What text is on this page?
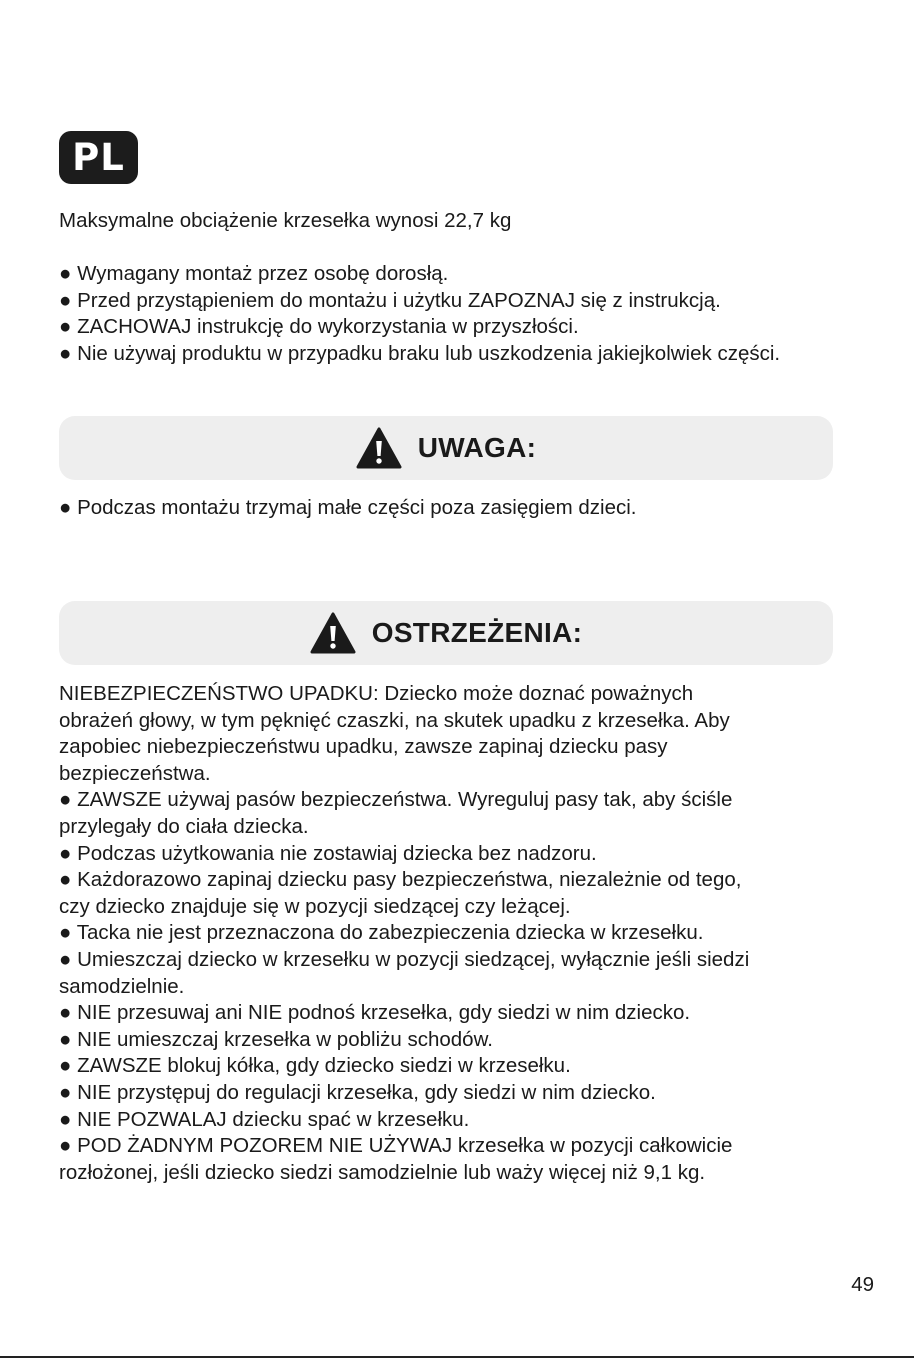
PL
Maksymalne obciążenie krzesełka wynosi 22,7 kg
● Wymagany montaż przez osobę dorosłą.
● Przed przystąpieniem do montażu i użytku ZAPOZNAJ się z instrukcją.
● ZACHOWAJ instrukcję do wykorzystania w przyszłości.
● Nie używaj produktu w przypadku braku lub uszkodzenia jakiejkolwiek części.
UWAGA:
● Podczas montażu trzymaj małe części poza zasięgiem dzieci.
OSTRZEŻENIA:

NIEBEZPIECZEŃSTWO UPADKU: Dziecko może doznać poważnych

obrażeń głowy, w tym pęknięć czaszki, na skutek upadku z krzesełka. Aby

zapobiec niebezpieczeństwu upadku, zawsze zapinaj dziecku pasy

bezpieczeństwa.

● ZAWSZE używaj pasów bezpieczeństwa. Wyreguluj pasy tak, aby ściśle

przylegały do ciała dziecka.

● Podczas użytkowania nie zostawiaj dziecka bez nadzoru.

● Każdorazowo zapinaj dziecku pasy bezpieczeństwa, niezależnie od tego,

czy dziecko znajduje się w pozycji siedzącej czy leżącej.

● Tacka nie jest przeznaczona do zabezpieczenia dziecka w krzesełku.

● Umieszczaj dziecko w krzesełku w pozycji siedzącej, wyłącznie jeśli siedzi

samodzielnie.

● NIE przesuwaj ani NIE podnoś krzesełka, gdy siedzi w nim dziecko.

● NIE umieszczaj krzesełka w pobliżu schodów.

● ZAWSZE blokuj kółka, gdy dziecko siedzi w krzesełku.

● NIE przystępuj do regulacji krzesełka, gdy siedzi w nim dziecko.

● NIE POZWALAJ dziecku spać w krzesełku.

● POD ŻADNYM POZOREM NIE UŻYWAJ krzesełka w pozycji całkowicie

rozłożonej, jeśli dziecko siedzi samodzielnie lub waży więcej niż 9,1 kg.

49
